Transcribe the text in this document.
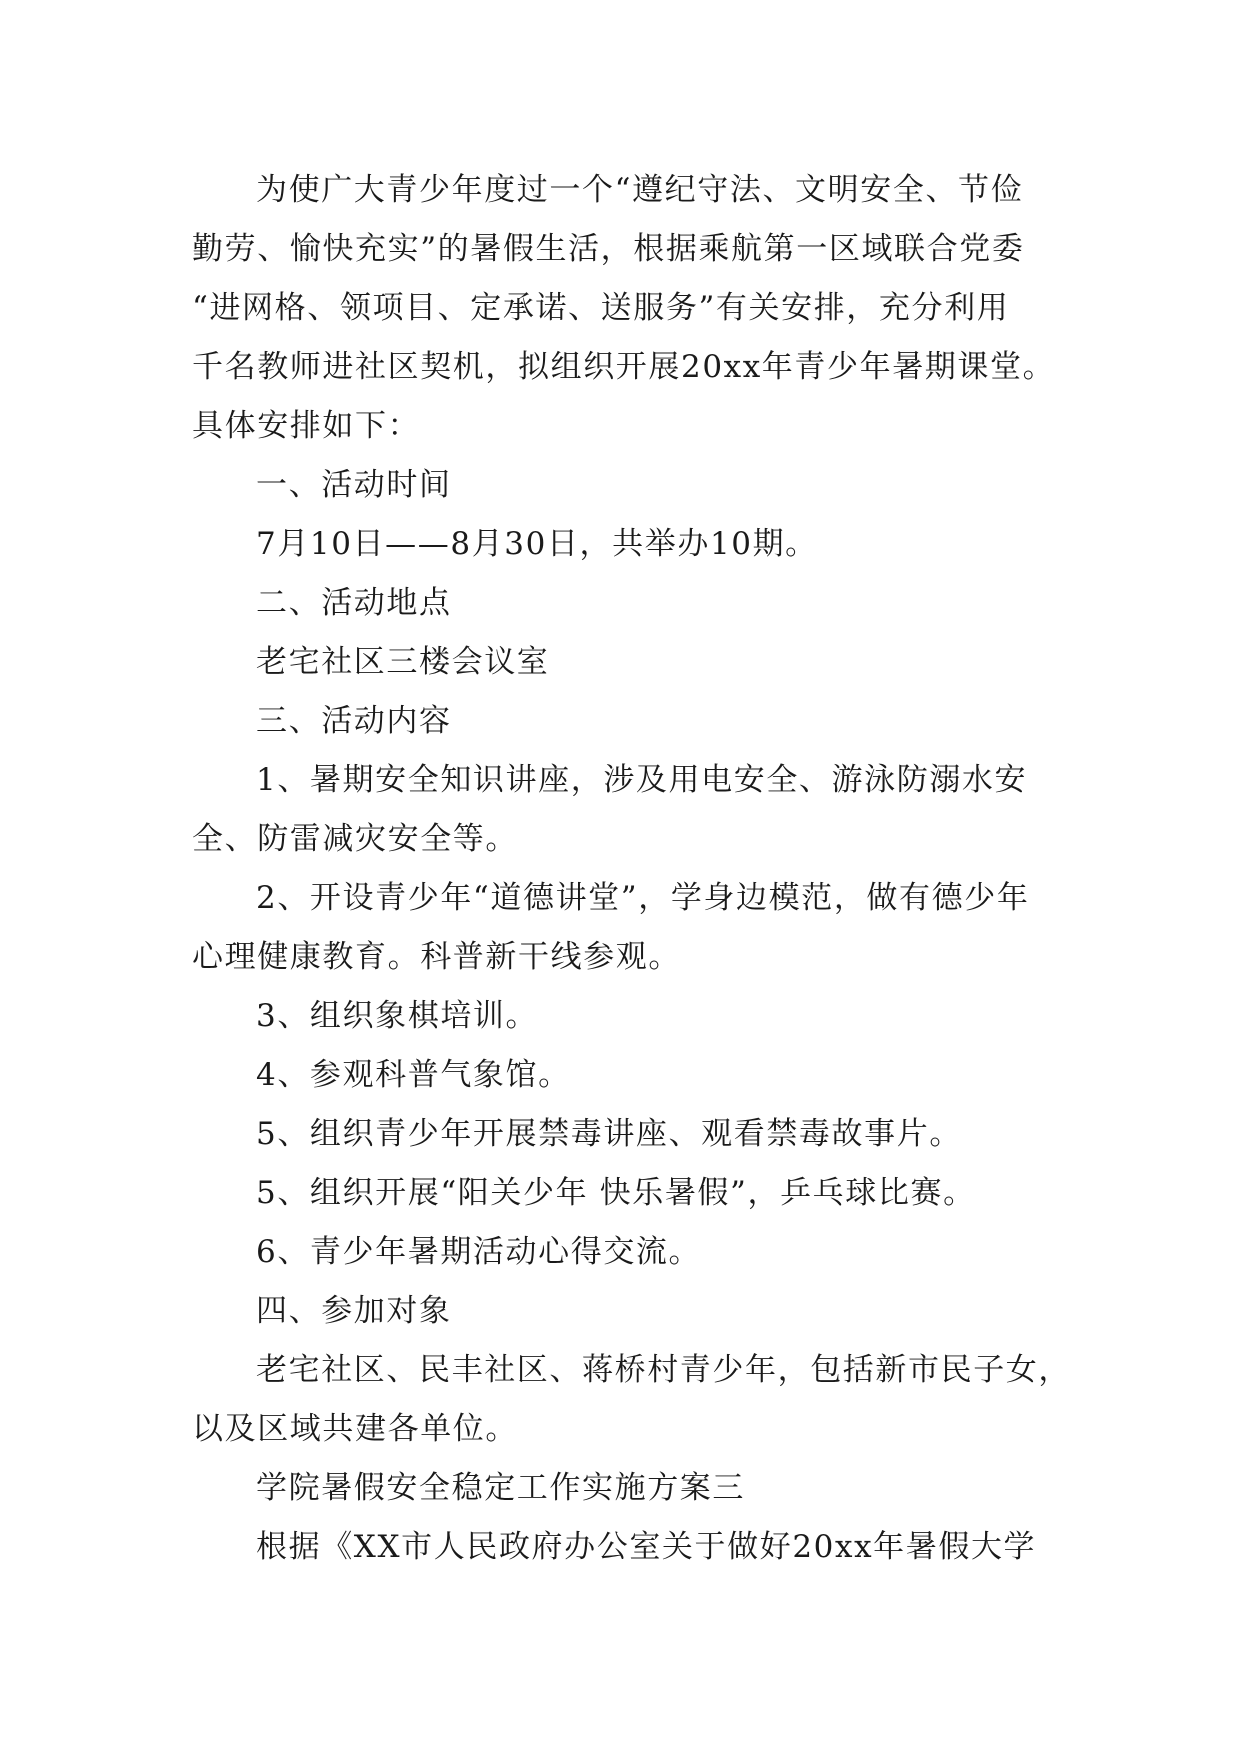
为使广大青少年度过一个“遵纪守法、文明安全、节俭
勤劳、愉快充实”的暑假生活，根据乘航第一区域联合党委
“进网格、领项目、定承诺、送服务”有关安排，充分利用
千名教师进社区契机，拟组织开展20xx年青少年暑期课堂。
具体安排如下：
一、活动时间
7月10日——8月30日，共举办10期。
二、活动地点
老宅社区三楼会议室
三、活动内容
1、暑期安全知识讲座，涉及用电安全、游泳防溺水安
全、防雷减灾安全等。
2、开设青少年“道德讲堂”，学身边模范，做有德少年
心理健康教育。科普新干线参观。
3、组织象棋培训。
4、参观科普气象馆。
5、组织青少年开展禁毒讲座、观看禁毒故事片。
5、组织开展“阳关少年 快乐暑假”，乒乓球比赛。
6、青少年暑期活动心得交流。
四、参加对象
老宅社区、民丰社区、蒋桥村青少年，包括新市民子女，
以及区域共建各单位。
学院暑假安全稳定工作实施方案三
根据《XX市人民政府办公室关于做好20xx年暑假大学
